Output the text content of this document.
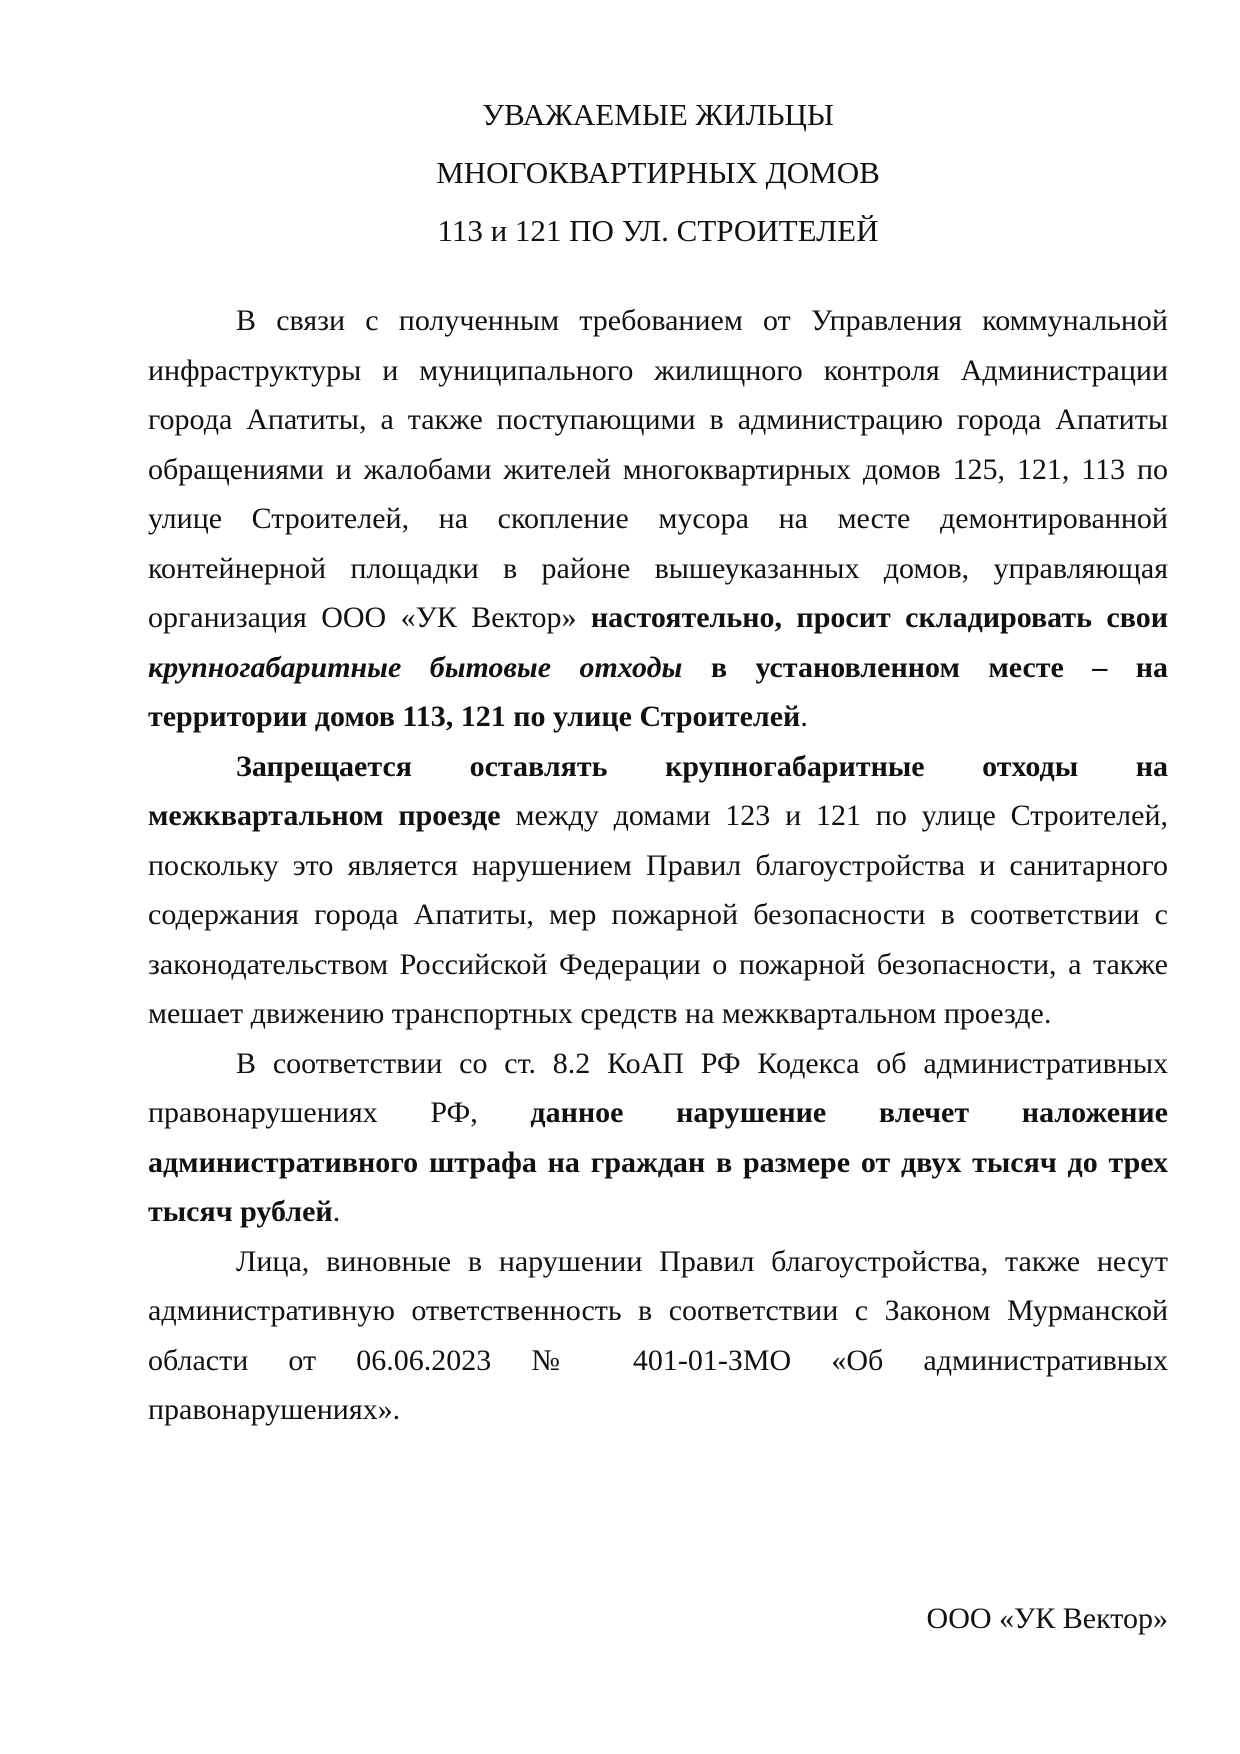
УВАЖАЕМЫЕ ЖИЛЬЦЫ
МНОГОКВАРТИРНЫХ ДОМОВ
113 и 121 ПО УЛ. СТРОИТЕЛЕЙ

В связи с полученным требованием от Управления коммунальной инфраструктуры и муниципального жилищного контроля Администрации города Апатиты, а также поступающими в администрацию города Апатиты обращениями и жалобами жителей многоквартирных домов 125, 121, 113 по улице Строителей, на скопление мусора на месте демонтированной контейнерной площадки в районе вышеуказанных домов, управляющая организация ООО «УК Вектор» настоятельно, просит складировать свои крупногабаритные бытовые отходы в установленном месте – на территории домов 113, 121 по улице Строителей.

Запрещается оставлять крупногабаритные отходы на межквартальном проезде между домами 123 и 121 по улице Строителей, поскольку это является нарушением Правил благоустройства и санитарного содержания города Апатиты, мер пожарной безопасности в соответствии с законодательством Российской Федерации о пожарной безопасности, а также мешает движению транспортных средств на межквартальном проезде.

В соответствии со ст. 8.2 КоАП РФ Кодекса об административных правонарушениях РФ, данное нарушение влечет наложение административного штрафа на граждан в размере от двух тысяч до трех тысяч рублей.

Лица, виновные в нарушении Правил благоустройства, также несут административную ответственность в соответствии с Законом Мурманской области от 06.06.2023 № 401-01-ЗМО «Об административных правонарушениях».

ООО «УК Вектор»
